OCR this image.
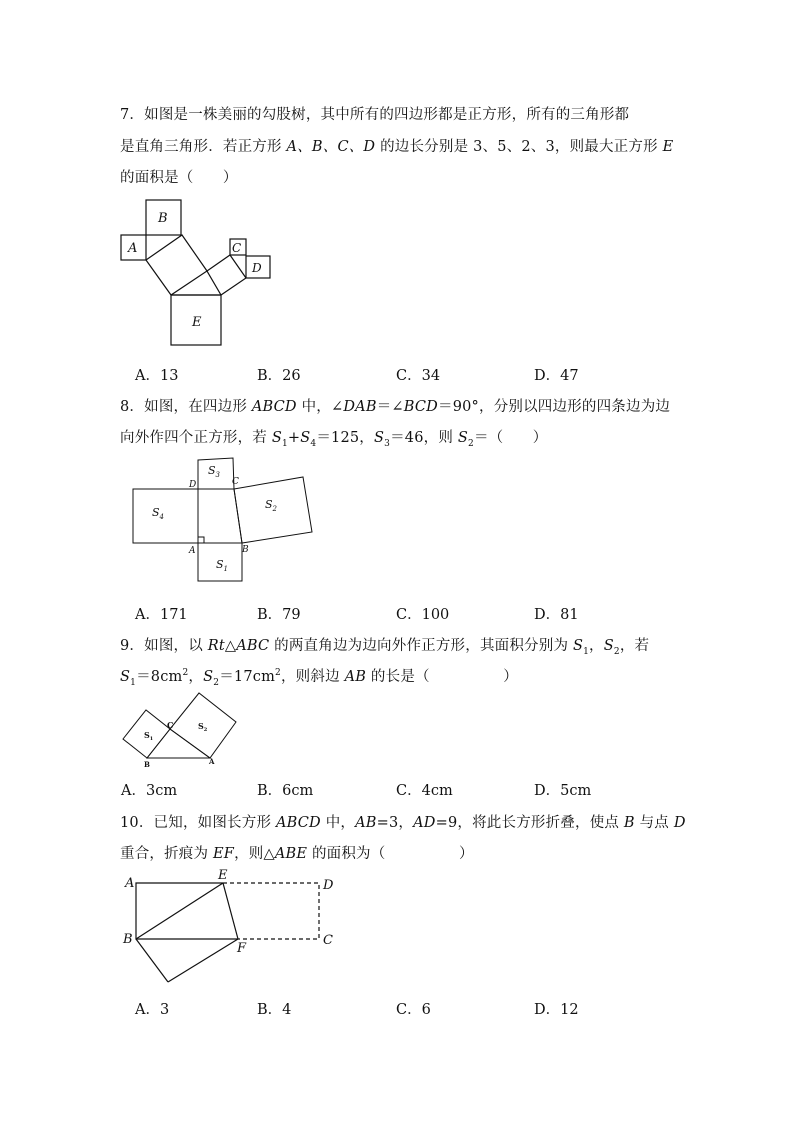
7．如图是一株美丽的勾股树，其中所有的四边形都是正方形，所有的三角形都
是直角三角形．若正方形 A、B、C、D 的边长分别是 3、5、2、3，则最大正方形 E
的面积是（　　）
B
A	C
D
E
A．13	B．26	C．34	D．47
8．如图，在四边形 ABCD 中，∠DAB＝∠BCD＝90°，分别以四边形的四条边为边
向外作四个正方形，若 $S_1+S_4=125$，$S_3=46$，则 $S_2=$（　　）
$S_4$
$S_3$
$S_2$
$S_1$
D	C
A	B
A．171	B．79	C．100	D．81
9．如图，以 Rt△ABC 的两直角边为边向外作正方形，其面积分别为 $S_1$，$S_2$，若
$S_1=8cm^2$，$S_2=17cm^2$，则斜边 AB 的长是（　　　　　）
$S_1$
$S_2$
C
B	A
A．3cm	B．6cm	C．4cm	D．5cm
10．已知，如图长方形 ABCD 中，AB=3，AD=9，将此长方形折叠，使点 B 与点 D
重合，折痕为 EF，则△ABE 的面积为（　　　　　）
A
B
E
F
D
C
A．3	B．4	C．6	D．12
